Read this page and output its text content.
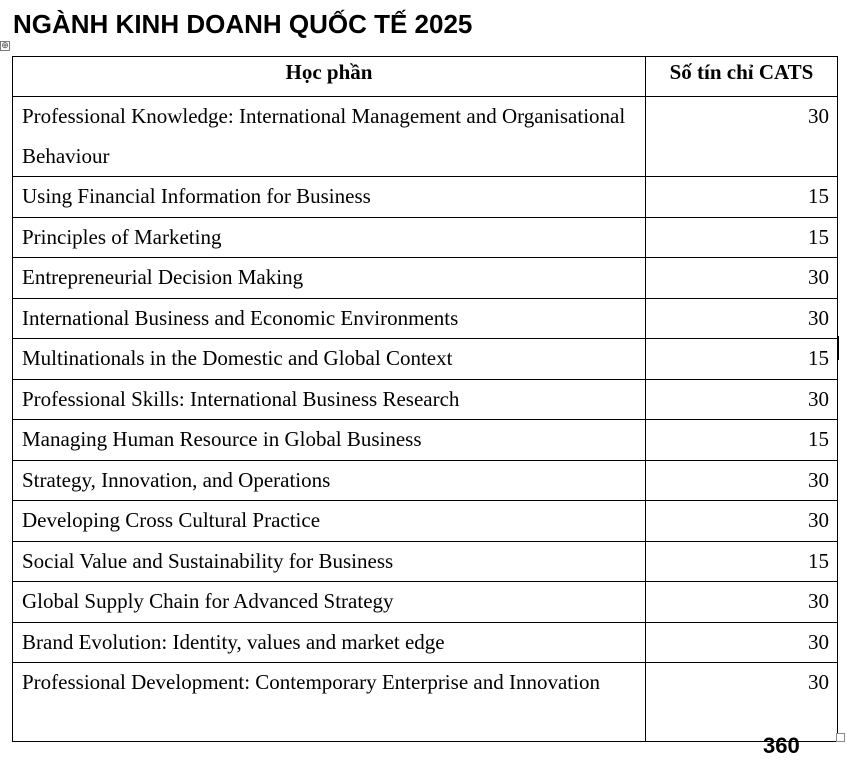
NGÀNH KINH DOANH QUỐC TẾ 2025
⊕
Học phần	Số tín chỉ CATS
Professional Knowledge: International Management and Organisational Behaviour	30
Using Financial Information for Business	15
Principles of Marketing	15
Entrepreneurial Decision Making	30
International Business and Economic Environments	30
Multinationals in the Domestic and Global Context	15
Professional Skills: International Business Research	30
Managing Human Resource in Global Business	15
Strategy, Innovation, and Operations	30
Developing Cross Cultural Practice	30
Social Value and Sustainability for Business	15
Global Supply Chain for Advanced Strategy	30
Brand Evolution: Identity, values and market edge	30
Professional Development: Contemporary Enterprise and Innovation	30
360
